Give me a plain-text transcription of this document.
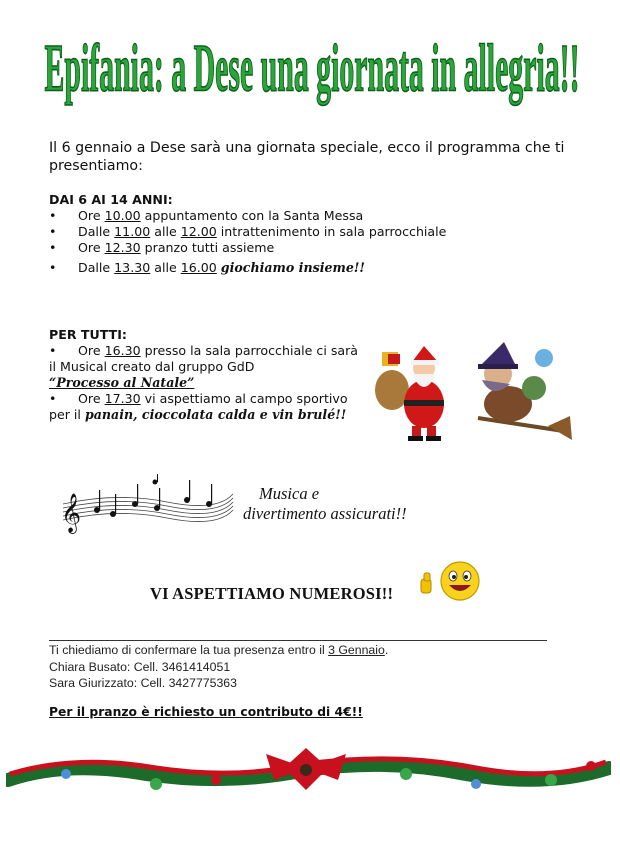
Epifania: a Dese una giornata in allegria!!
Il 6 gennaio a Dese sarà una giornata speciale, ecco il programma che ti presentiamo:
DAI 6 AI 14 ANNI:
• Ore 10.00 appuntamento con la Santa Messa
• Dalle 11.00 alle 12.00 intrattenimento in sala parrocchiale
• Ore 12.30 pranzo tutti assieme
• Dalle 13.30 alle 16.00 giochiamo insieme!!
PER TUTTI:

• Ore 16.30 presso la sala parrocchiale ci sarà il Musical creato dal gruppo GdD

“Processo al Natale”

• Ore 17.30 vi aspettiamo al campo sportivo per il panain, cioccolata calda e vin brulé!!

𝄞	Musica e
divertimento assicurati!!
VI ASPETTIAMO NUMEROSI!!

Ti chiediamo di confermare la tua presenza entro il 3 Gennaio.

Chiara Busato: Cell. 3461414051

Sara Giurizzato: Cell. 3427775363

Per il pranzo è richiesto un contributo di 4€!!
